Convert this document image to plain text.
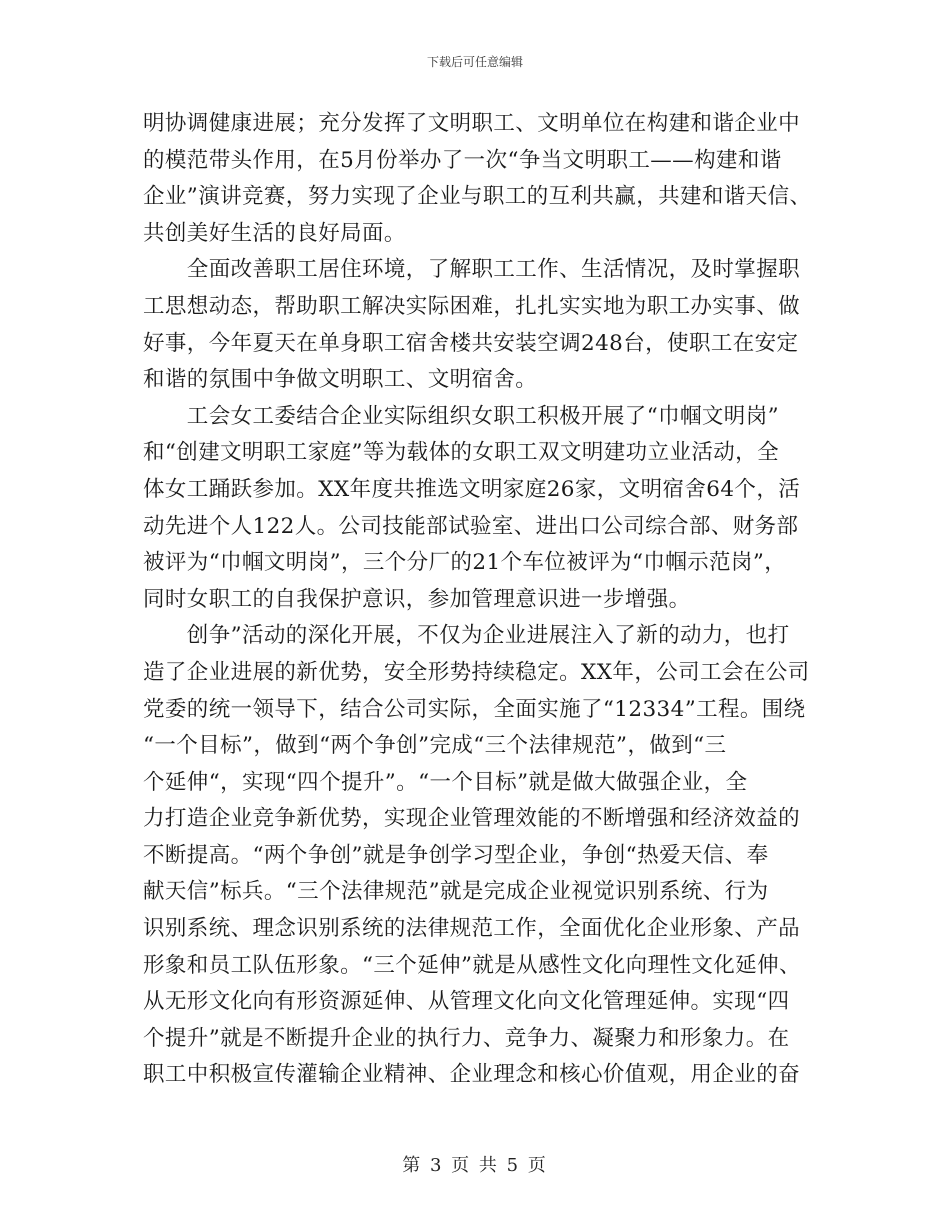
下载后可任意编辑
明协调健康进展；充分发挥了文明职工、文明单位在构建和谐企业中
的模范带头作用，在5月份举办了一次“争当文明职工——构建和谐
企业”演讲竞赛，努力实现了企业与职工的互利共赢，共建和谐天信、
共创美好生活的良好局面。
　　全面改善职工居住环境，了解职工工作、生活情况，及时掌握职
工思想动态，帮助职工解决实际困难，扎扎实实地为职工办实事、做
好事，今年夏天在单身职工宿舍楼共安装空调248台，使职工在安定
和谐的氛围中争做文明职工、文明宿舍。
　　工会女工委结合企业实际组织女职工积极开展了“巾帼文明岗”
和“创建文明职工家庭”等为载体的女职工双文明建功立业活动，全
体女工踊跃参加。XX年度共推选文明家庭26家，文明宿舍64个，活
动先进个人122人。公司技能部试验室、进出口公司综合部、财务部
被评为“巾帼文明岗”，三个分厂的21个车位被评为“巾帼示范岗”，
同时女职工的自我保护意识，参加管理意识进一步增强。
　　创争”活动的深化开展，不仅为企业进展注入了新的动力，也打
造了企业进展的新优势，安全形势持续稳定。XX年，公司工会在公司
党委的统一领导下，结合公司实际，全面实施了“12334”工程。围绕
“一个目标”，做到“两个争创”完成“三个法律规范”，做到“三
个延伸“，实现“四个提升”。“一个目标”就是做大做强企业，全
力打造企业竞争新优势，实现企业管理效能的不断增强和经济效益的
不断提高。“两个争创”就是争创学习型企业，争创“热爱天信、奉
献天信”标兵。“三个法律规范”就是完成企业视觉识别系统、行为
识别系统、理念识别系统的法律规范工作，全面优化企业形象、产品
形象和员工队伍形象。“三个延伸”就是从感性文化向理性文化延伸、
从无形文化向有形资源延伸、从管理文化向文化管理延伸。实现“四
个提升”就是不断提升企业的执行力、竞争力、凝聚力和形象力。在
职工中积极宣传灌输企业精神、企业理念和核心价值观，用企业的奋
第 3 页 共 5 页
